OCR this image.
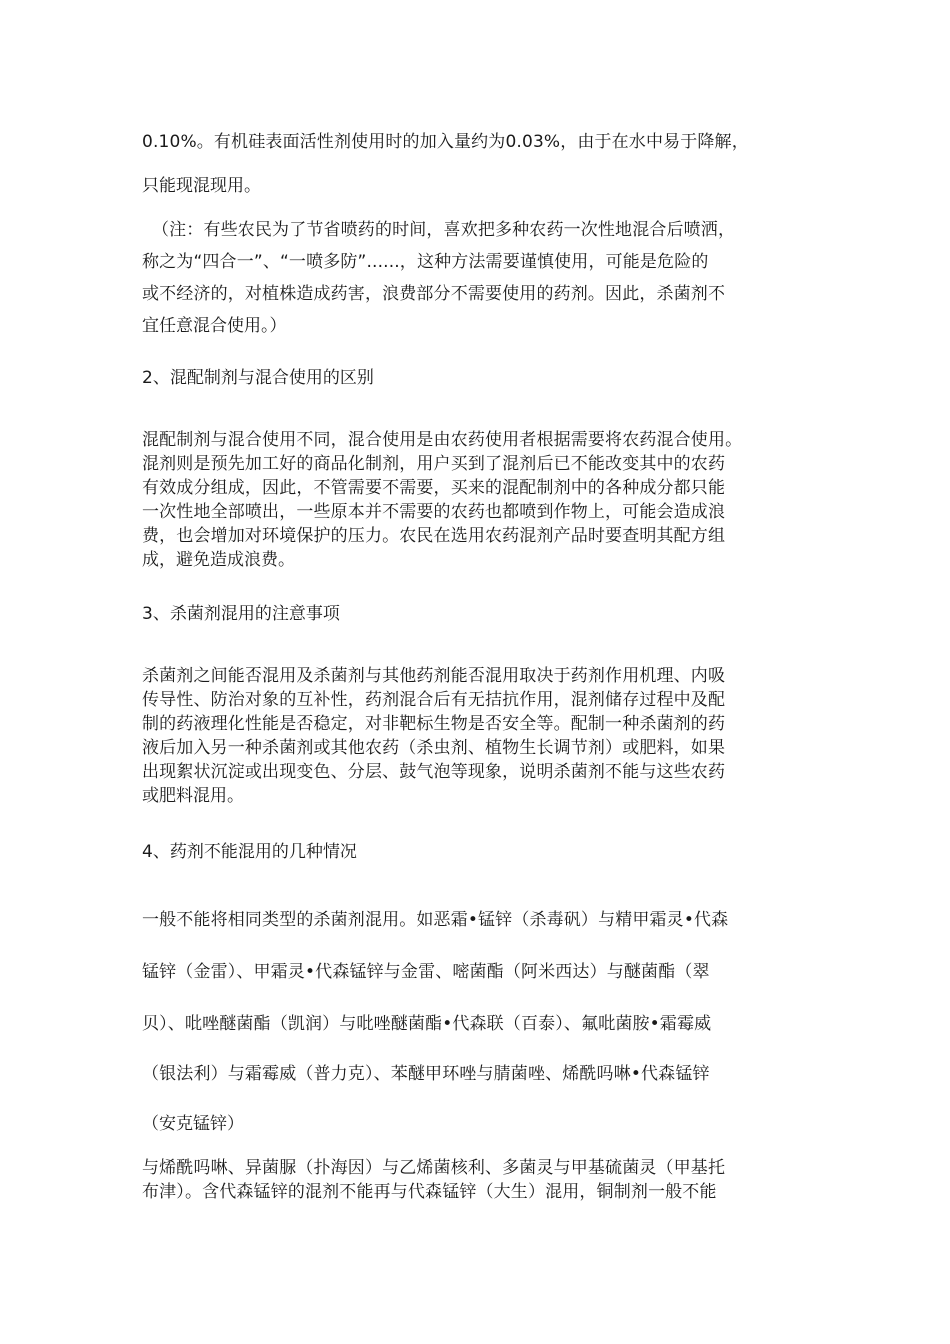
0.10%。有机硅表面活性剂使用时的加入量约为0.03%，由于在水中易于降解，

只能现混现用。

（注：有些农民为了节省喷药的时间，喜欢把多种农药一次性地混合后喷洒，

称之为“四合一”、“一喷多防”......，这种方法需要谨慎使用，可能是危险的

或不经济的，对植株造成药害，浪费部分不需要使用的药剂。因此，杀菌剂不

宜任意混合使用。）

2、混配制剂与混合使用的区别

混配制剂与混合使用不同，混合使用是由农药使用者根据需要将农药混合使用。

混剂则是预先加工好的商品化制剂，用户买到了混剂后已不能改变其中的农药

有效成分组成，因此，不管需要不需要，买来的混配制剂中的各种成分都只能

一次性地全部喷出，一些原本并不需要的农药也都喷到作物上，可能会造成浪

费，也会增加对环境保护的压力。农民在选用农药混剂产品时要查明其配方组

成，避免造成浪费。

3、杀菌剂混用的注意事项

杀菌剂之间能否混用及杀菌剂与其他药剂能否混用取决于药剂作用机理、内吸

传导性、防治对象的互补性，药剂混合后有无拮抗作用，混剂储存过程中及配

制的药液理化性能是否稳定，对非靶标生物是否安全等。配制一种杀菌剂的药

液后加入另一种杀菌剂或其他农药（杀虫剂、植物生长调节剂）或肥料，如果

出现絮状沉淀或出现变色、分层、鼓气泡等现象，说明杀菌剂不能与这些农药

或肥料混用。

4、药剂不能混用的几种情况

一般不能将相同类型的杀菌剂混用。如恶霜•锰锌（杀毒矾）与精甲霜灵•代森

锰锌（金雷）、甲霜灵•代森锰锌与金雷、嘧菌酯（阿米西达）与醚菌酯（翠

贝）、吡唑醚菌酯（凯润）与吡唑醚菌酯•代森联（百泰）、氟吡菌胺•霜霉威

（银法利）与霜霉威（普力克）、苯醚甲环唑与腈菌唑、烯酰吗啉•代森锰锌

（安克锰锌）

与烯酰吗啉、异菌脲（扑海因）与乙烯菌核利、多菌灵与甲基硫菌灵（甲基托

布津）。含代森锰锌的混剂不能再与代森锰锌（大生）混用，铜制剂一般不能
